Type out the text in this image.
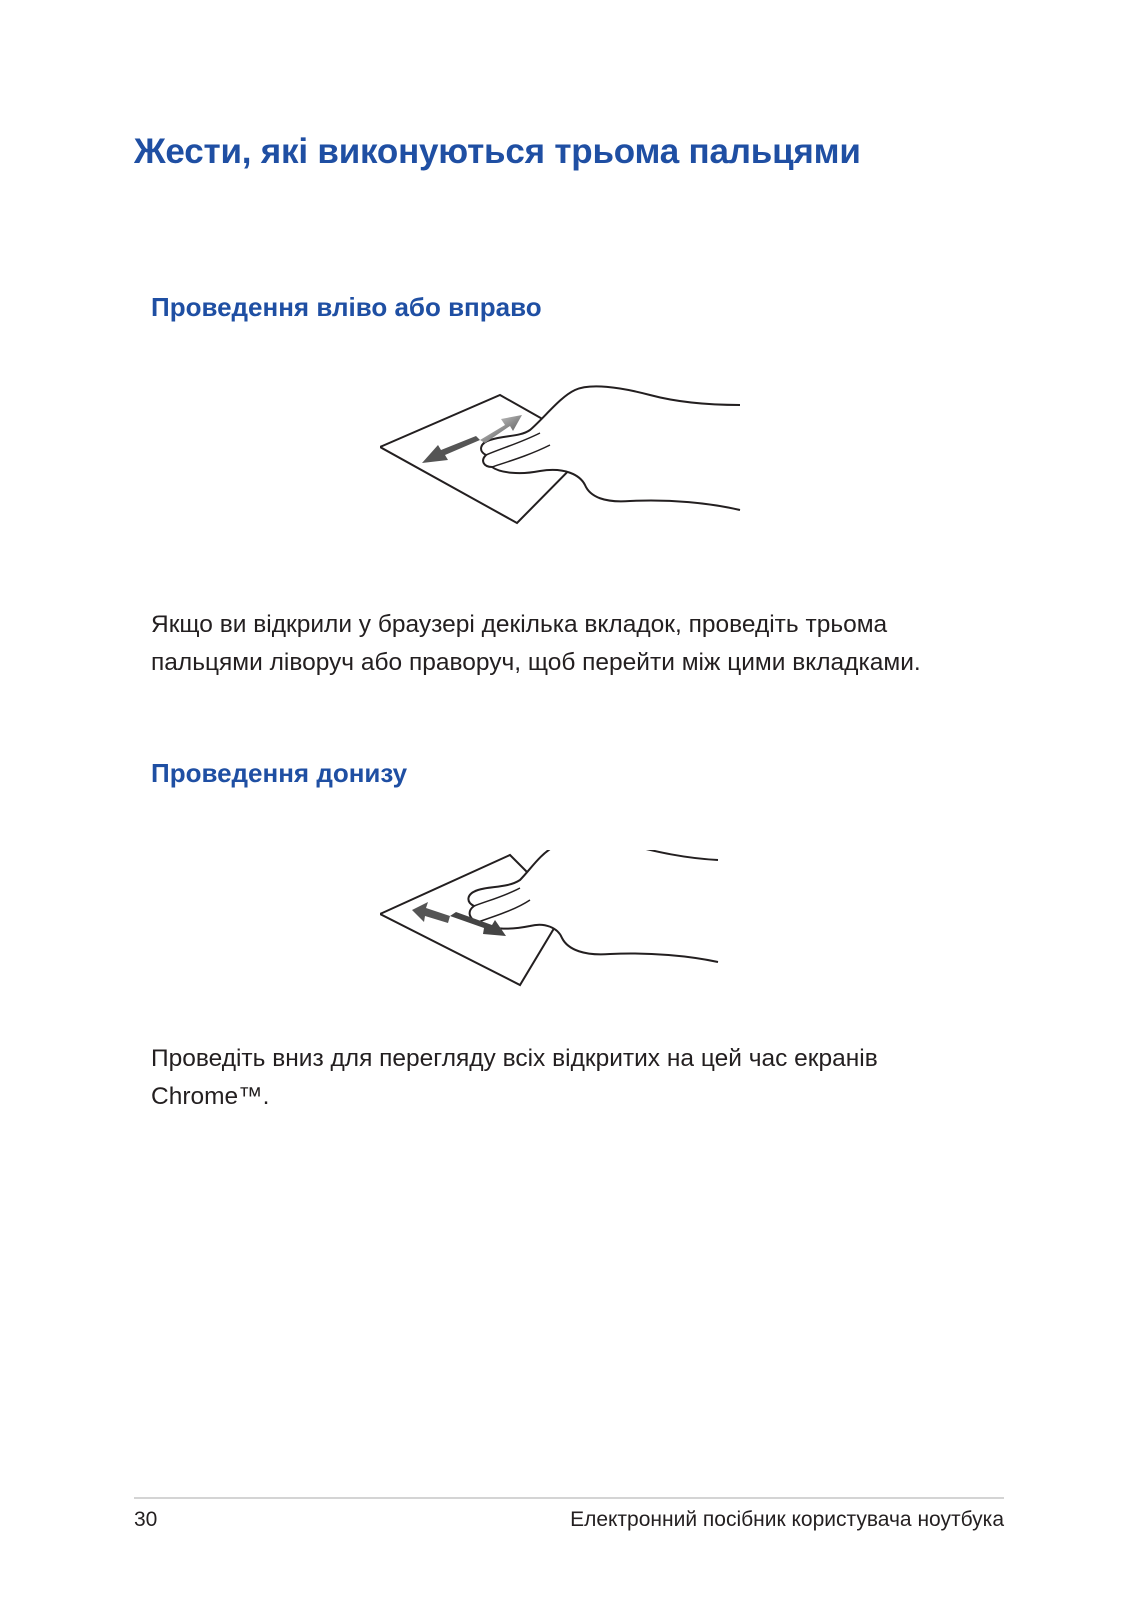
Жести, які виконуються трьома пальцями
Проведення вліво або вправо

Якщо ви відкрили у браузері декілька вкладок, проведіть трьома пальцями ліворуч або праворуч, щоб перейти між цими вкладками.

Проведення донизу

Проведіть вниз для перегляду всіх відкритих на цей час екранів Chrome™.

30	Електронний посібник користувача ноутбука
